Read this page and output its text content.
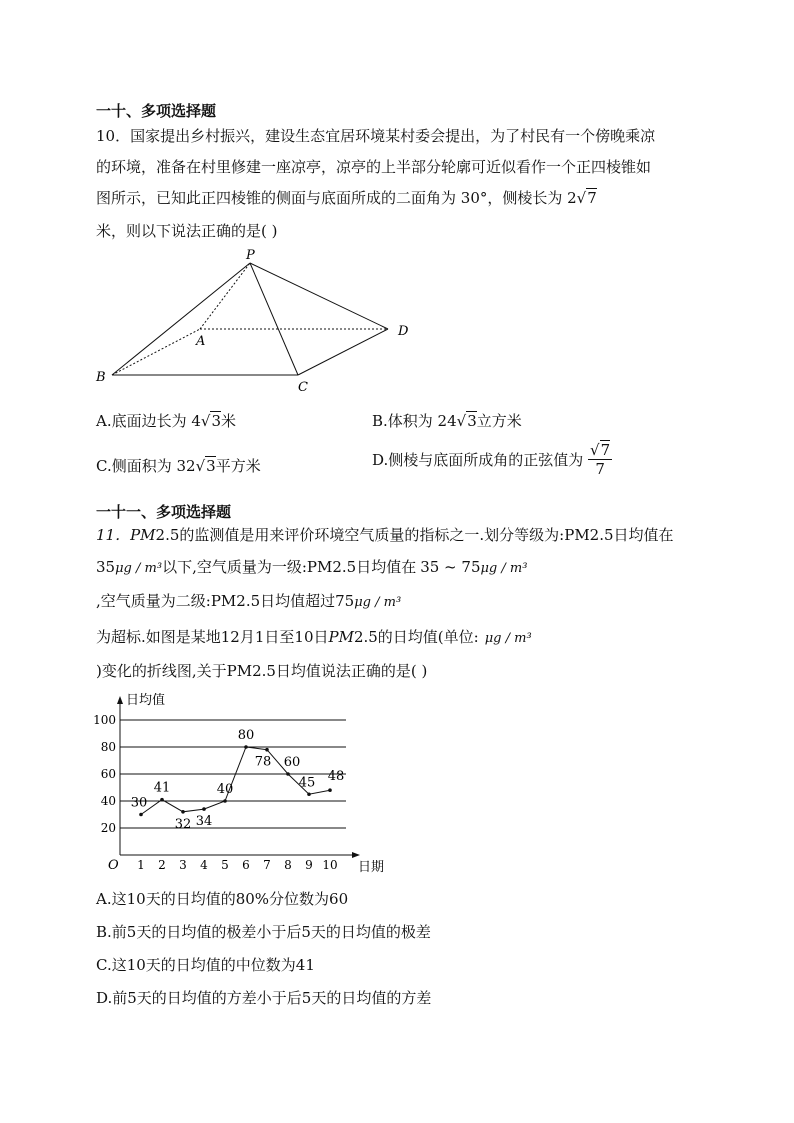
一十、多项选择题
10．国家提出乡村振兴，建设生态宜居环境某村委会提出，为了村民有一个傍晚乘凉
的环境，准备在村里修建一座凉亭，凉亭的上半部分轮廓可近似看作一个正四棱锥如
图所示，已知此正四棱锥的侧面与底面所成的二面角为 30°，侧棱长为 2√7
米，则以下说法正确的是( )
P
A
B
C
D
A.底面边长为 4√3米	B.体积为 24√3立方米
C.侧面积为 32√3平方米	D.侧棱与底面所成角的正弦值为 $\frac{√7}{7}$
一十一、多项选择题
11．PM2.5的监测值是用来评价环境空气质量的指标之一.划分等级为:PM2.5日均值在
35μg / m³以下,空气质量为一级:PM2.5日均值在 35 ~ 75μg / m³
,空气质量为二级:PM2.5日均值超过75μg / m³
为超标.如图是某地12月1日至10日PM2.5的日均值(单位: μg / m³
)变化的折线图,关于PM2.5日均值说法正确的是( )
20
40
60
80
100
日均值
日期
O 1 2 3 4 5 6 7 8 9 10
30
41
32 34
40
80
78 60
45 48
A.这10天的日均值的80%分位数为60
B.前5天的日均值的极差小于后5天的日均值的极差
C.这10天的日均值的中位数为41
D.前5天的日均值的方差小于后5天的日均值的方差
